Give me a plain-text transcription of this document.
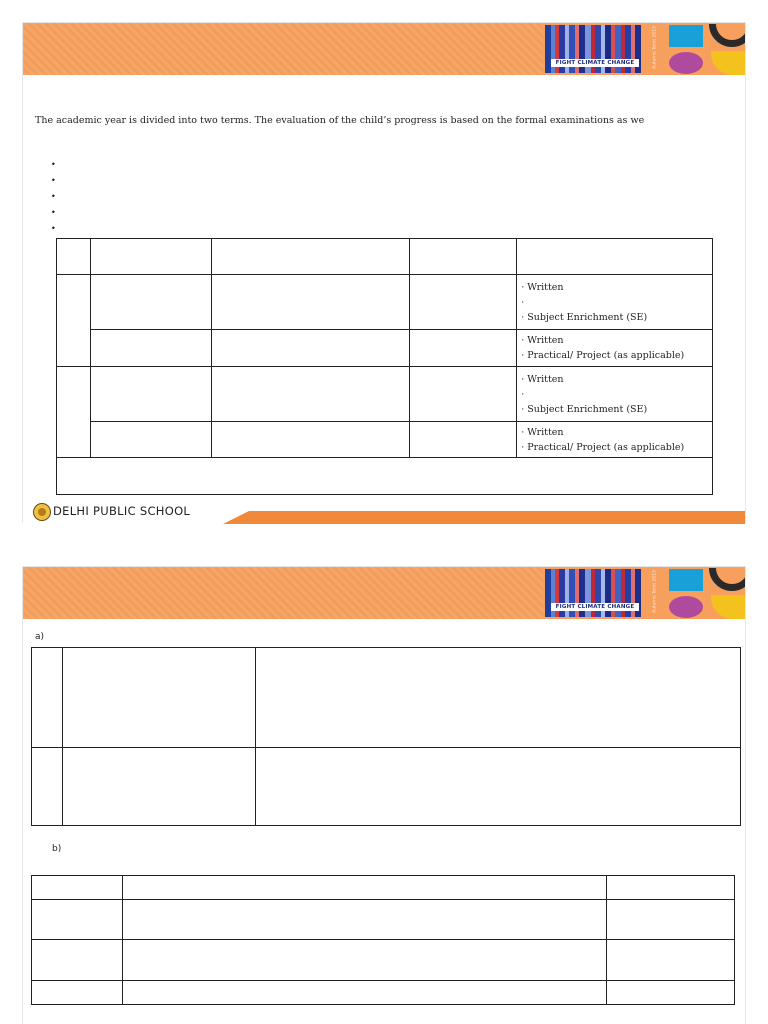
FIGHT CLIMATE CHANGE	Autumn Term 2015
The academic year is divided into two terms. The evaluation of the child’s progress is based on the formal examinations as we
•
•
•
•
•

				· Written
·
· Subject Enrichment (SE)

				· Written
· Practical/ Project (as applicable)

				· Written
·
· Subject Enrichment (SE)

				· Written
· Practical/ Project (as applicable)

DELHI PUBLIC SCHOOL
FIGHT CLIMATE CHANGE	Autumn Term 2015
a)

b)
